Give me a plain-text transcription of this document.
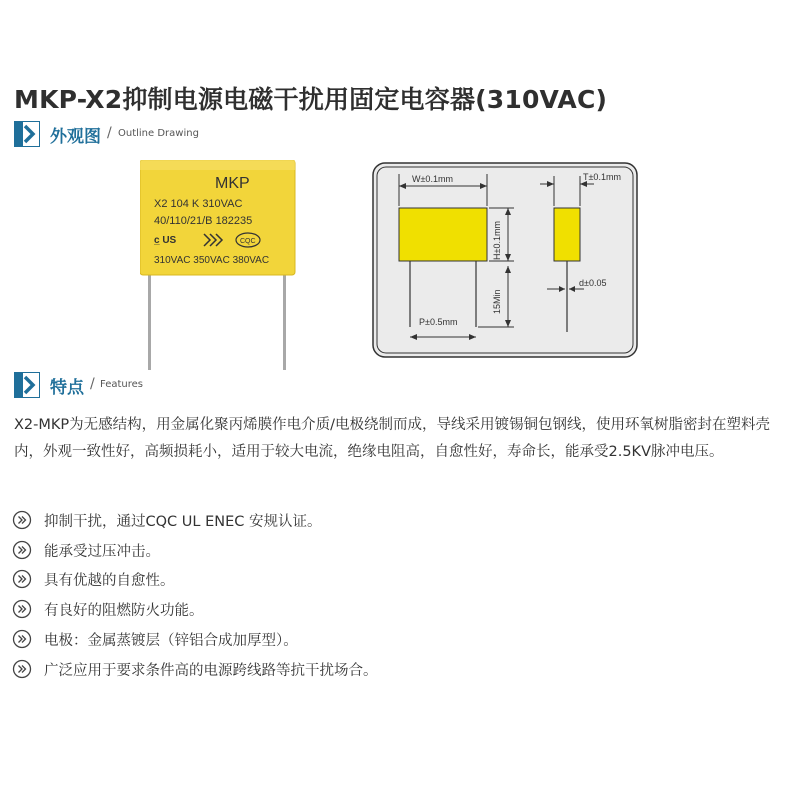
MKP-X2抑制电源电磁干扰用固定电容器(310VAC)
外观图 / Outline Drawing
MKP
X2 104 K 310VAC
40/110/21/B 182235
c̲ US	CQC
310VAC 350VAC 380VAC
W±0.1mm
H±0.1mm
15Min
P±0.5mm
T±0.1mm
d±0.05
特点 / Features
X2-MKP为无感结构，用金属化聚丙烯膜作电介质/电极绕制而成，导线采用镀锡铜包钢线，使用环氧树脂密封在塑料壳内，外观一致性好，高频损耗小，适用于较大电流，绝缘电阻高，自愈性好，寿命长，能承受2.5KV脉冲电压。
抑制干扰，通过CQC UL ENEC 安规认证。
能承受过压冲击。
具有优越的自愈性。
有良好的阻燃防火功能。
电极：金属蒸镀层（锌铝合成加厚型）。
广泛应用于要求条件高的电源跨线路等抗干扰场合。
